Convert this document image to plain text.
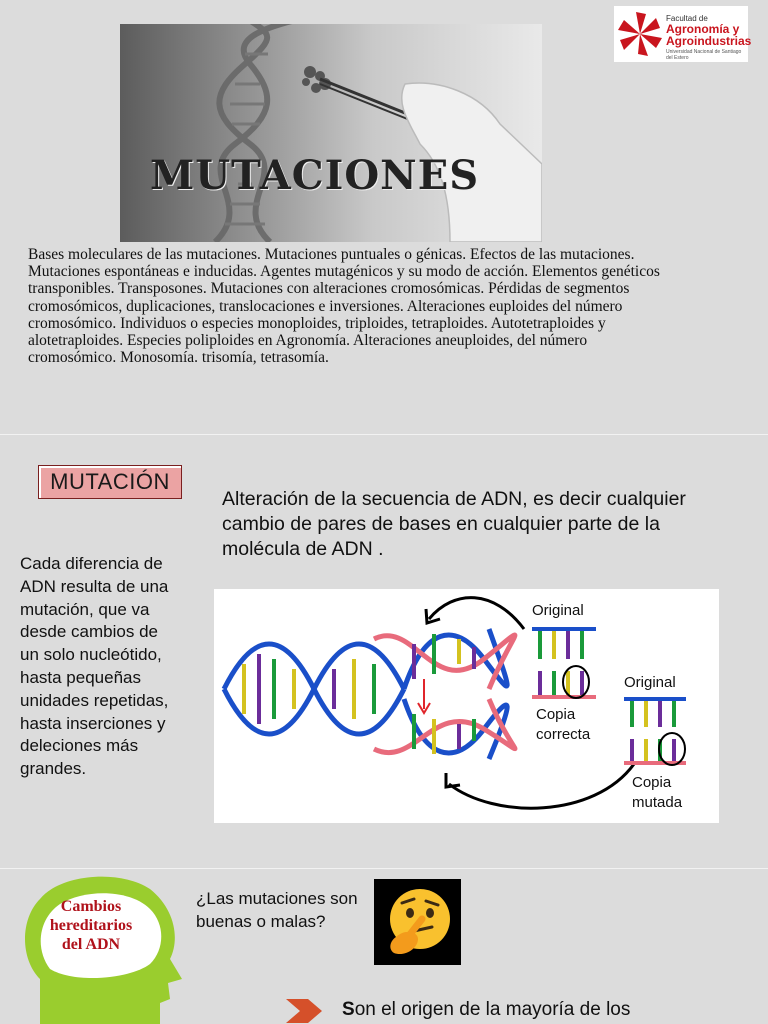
MUTACIONES
Facultad de
Agronomía y
Agroindustrias
Universidad Nacional de Santiago del Estero
Bases moleculares de las mutaciones. Mutaciones puntuales o génicas. Efectos de las mutaciones. Mutaciones espontáneas e inducidas. Agentes mutagénicos y su modo de acción. Elementos genéticos transponibles. Transposones. Mutaciones con alteraciones cromosómicas. Pérdidas de segmentos cromosómicos, duplicaciones, translocaciones e inversiones. Alteraciones euploides del número cromosómico. Individuos o especies monoploides, triploides, tetraploides. Autotetraploides y alotetraploides. Especies poliploides en Agronomía. Alteraciones aneuploides, del número cromosómico. Monosomía. trisomía, tetrasomía.
MUTACIÓN
Alteración de la secuencia de ADN, es decir cualquier cambio de pares de bases en cualquier parte de la molécula de ADN .
Cada diferencia de ADN resulta de una mutación, que va desde cambios de un solo nucleótido, hasta pequeñas unidades repetidas, hasta inserciones y deleciones más grandes.
Original
Copia
correcta
Original
Copia
mutada
Cambios hereditarios del ADN
¿Las mutaciones son buenas o malas?
Son el origen de la mayoría de los
